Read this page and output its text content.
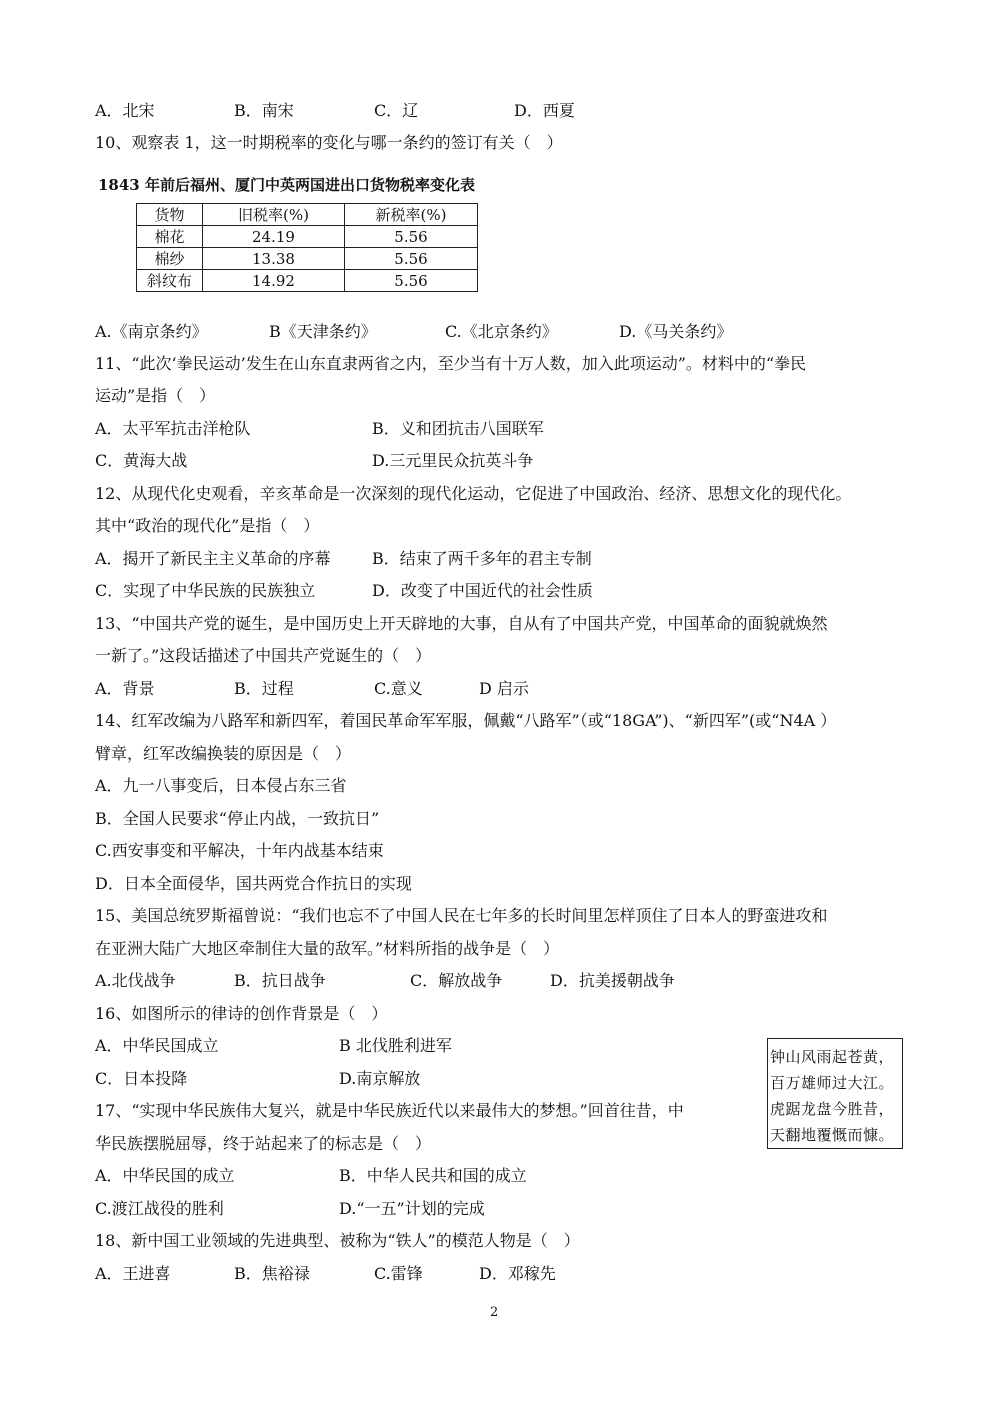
A．北宋	B．南宋	C．辽	D．西夏
10、观察表 1，这一时期税率的变化与哪一条约的签订有关（　）
1843 年前后福州、厦门中英两国进出口货物税率变化表
货物	旧税率(%)	新税率(%)
棉花	24.19	5.56
棉纱	13.38	5.56
斜纹布	14.92	5.56
A.《南京条约》	B《天津条约》	C.《北京条约》	D.《马关条约》
11、“此次‘拳民运动’发生在山东直隶两省之内，至少当有十万人数，加入此项运动”。材料中的“拳民
运动”是指（　）
A．太平军抗击洋枪队	B．义和团抗击八国联军
C．黄海大战	D.三元里民众抗英斗争
12、从现代化史观看，辛亥革命是一次深刻的现代化运动，它促进了中国政治、经济、思想文化的现代化。
其中“政治的现代化”是指（　）
A．揭开了新民主主义革命的序幕	B．结束了两千多年的君主专制
C．实现了中华民族的民族独立	D．改变了中国近代的社会性质
13、“中国共产党的诞生，是中国历史上开天辟地的大事，自从有了中国共产党，中国革命的面貌就焕然
一新了。”这段话描述了中国共产党诞生的（　）
A．背景	B．过程	C.意义	D 启示
14、红军改编为八路军和新四军，着国民革命军军服，佩戴“八路军”（或“18GA”)、“新四军”(或“N4A ）
臂章，红军改编换装的原因是（　）
A．九一八事变后，日本侵占东三省
B．全国人民要求“停止内战，一致抗日”
C.西安事变和平解决，十年内战基本结束
D．日本全面侵华，国共两党合作抗日的实现
15、美国总统罗斯福曾说：“我们也忘不了中国人民在七年多的长时间里怎样顶住了日本人的野蛮进攻和
在亚洲大陆广大地区牵制住大量的敌军。”材料所指的战争是（　）
A.北伐战争	B．抗日战争	C．解放战争	D．抗美援朝战争
16、如图所示的律诗的创作背景是（　）
A．中华民国成立	B 北伐胜利进军
C．日本投降	D.南京解放
钟山风雨起苍黄，
百万雄师过大江。
虎踞龙盘今胜昔，
天翻地覆慨而慷。
17、“实现中华民族伟大复兴，就是中华民族近代以来最伟大的梦想。”回首往昔，中
华民族摆脱屈辱，终于站起来了的标志是（　）
A．中华民国的成立	B．中华人民共和国的成立
C.渡江战役的胜利	D.“一五”计划的完成
18、新中国工业领域的先进典型、被称为“铁人”的模范人物是（　）
A．王进喜	B．焦裕禄	C.雷锋	D．邓稼先
2
